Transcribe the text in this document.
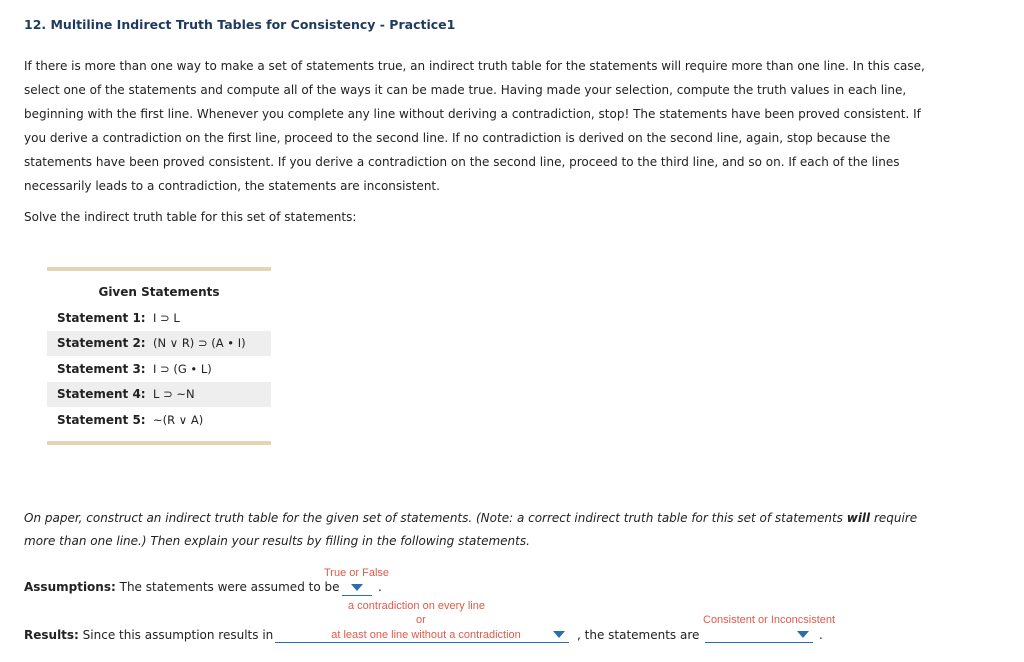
12. Multiline Indirect Truth Tables for Consistency - Practice1

If there is more than one way to make a set of statements true, an indirect truth table for the statements will require more than one line. In this case,

select one of the statements and compute all of the ways it can be made true. Having made your selection, compute the truth values in each line,

beginning with the first line. Whenever you complete any line without deriving a contradiction, stop! The statements have been proved consistent. If

you derive a contradiction on the first line, proceed to the second line. If no contradiction is derived on the second line, again, stop because the

statements have been proved consistent. If you derive a contradiction on the second line, proceed to the third line, and so on. If each of the lines

necessarily leads to a contradiction, the statements are inconsistent.

Solve the indirect truth table for this set of statements:
Given Statements
Statement 1: I ⊃ L
Statement 2: (N ∨ R) ⊃ (A • I)
Statement 3: I ⊃ (G • L)
Statement 4: L ⊃ ~N
Statement 5: ~(R ∨ A)

On paper, construct an indirect truth table for the given set of statements. (Note: a correct indirect truth table for this set of statements will require

more than one line.) Then explain your results by filling in the following statements.

True or False
Assumptions: The statements were assumed to be	.
a contradiction on every line
or
Results: Since this assumption results in	at least one line without a contradiction	, the statements are
Consistent or Inconcsistent
.
